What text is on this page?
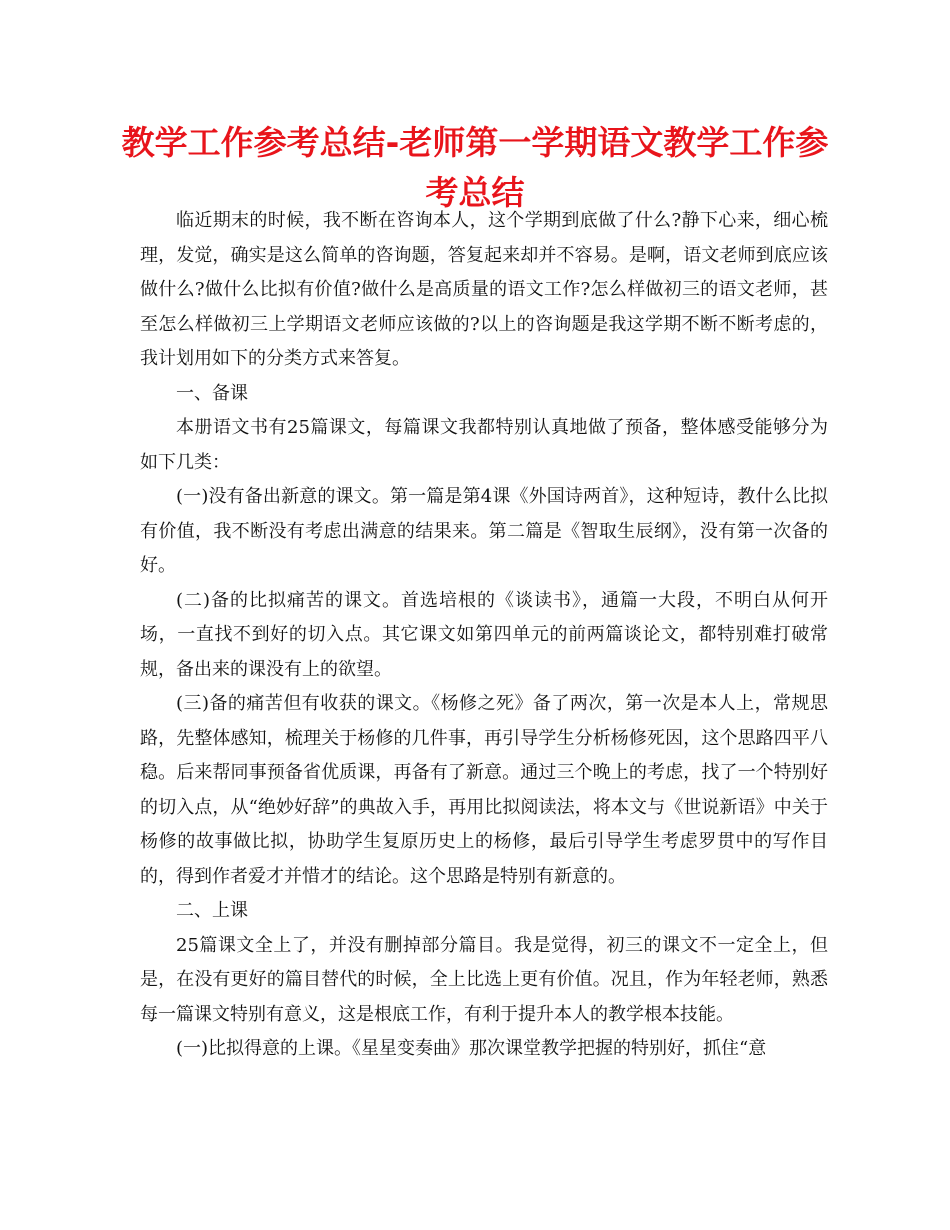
教学工作参考总结-老师第一学期语文教学工作参考总结

临近期末的时候，我不断在咨询本人，这个学期到底做了什么?静下心来，细心梳理，发觉，确实是这么简单的咨询题，答复起来却并不容易。是啊，语文老师到底应该做什么?做什么比拟有价值?做什么是高质量的语文工作?怎么样做初三的语文老师，甚至怎么样做初三上学期语文老师应该做的?以上的咨询题是我这学期不断不断考虑的，我计划用如下的分类方式来答复。

一、备课

本册语文书有25篇课文，每篇课文我都特别认真地做了预备，整体感受能够分为如下几类：

(一)没有备出新意的课文。第一篇是第4课《外国诗两首》，这种短诗，教什么比拟有价值，我不断没有考虑出满意的结果来。第二篇是《智取生辰纲》，没有第一次备的好。

(二)备的比拟痛苦的课文。首选培根的《谈读书》，通篇一大段，不明白从何开场，一直找不到好的切入点。其它课文如第四单元的前两篇谈论文，都特别难打破常规，备出来的课没有上的欲望。

(三)备的痛苦但有收获的课文。《杨修之死》备了两次，第一次是本人上，常规思路，先整体感知，梳理关于杨修的几件事，再引导学生分析杨修死因，这个思路四平八稳。后来帮同事预备省优质课，再备有了新意。通过三个晚上的考虑，找了一个特别好的切入点，从“绝妙好辞”的典故入手，再用比拟阅读法，将本文与《世说新语》中关于杨修的故事做比拟，协助学生复原历史上的杨修，最后引导学生考虑罗贯中的写作目的，得到作者爱才并惜才的结论。这个思路是特别有新意的。

二、上课

25篇课文全上了，并没有删掉部分篇目。我是觉得，初三的课文不一定全上，但是，在没有更好的篇目替代的时候，全上比选上更有价值。况且，作为年轻老师，熟悉每一篇课文特别有意义，这是根底工作，有利于提升本人的教学根本技能。

(一)比拟得意的上课。《星星变奏曲》那次课堂教学把握的特别好，抓住“意
